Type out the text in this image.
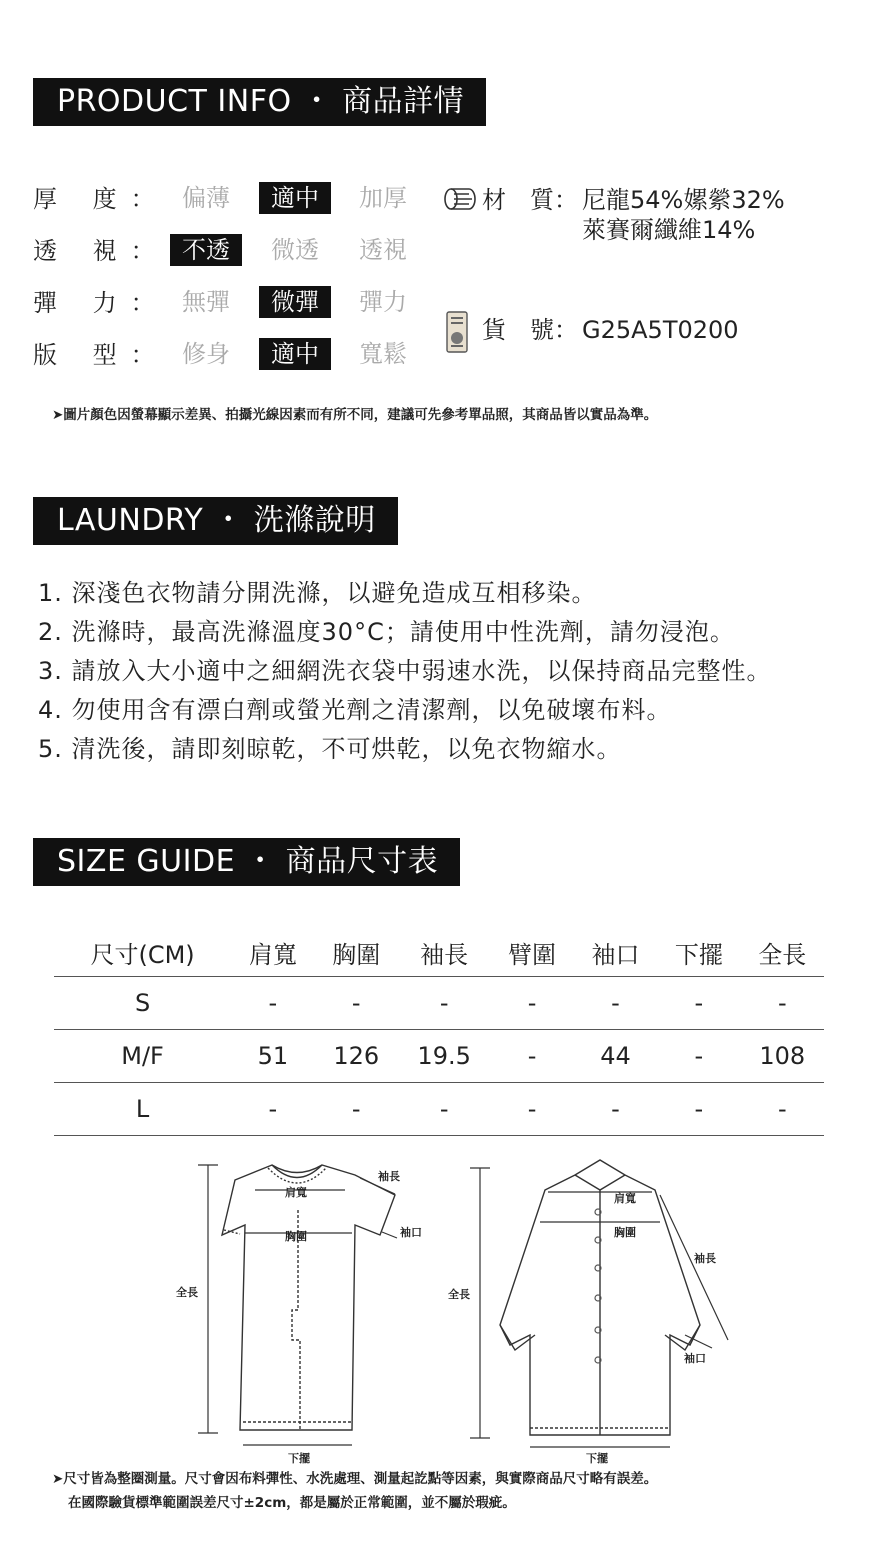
PRODUCT INFO ・ 商品詳情
厚 度： 偏薄	適中	加厚
透 視： 不透	微透	透視
彈 力： 無彈	微彈	彈力
版 型： 修身	適中	寬鬆
材　質： 尼龍54%嫘縈32%
萊賽爾纖維14%
貨　號： G25A5T0200
➤圖片顏色因螢幕顯示差異、拍攝光線因素而有所不同，建議可先參考單品照，其商品皆以實品為準。
LAUNDRY ・ 洗滌說明
1. 深淺色衣物請分開洗滌，以避免造成互相移染。
2. 洗滌時，最高洗滌溫度30°C；請使用中性洗劑，請勿浸泡。
3. 請放入大小適中之細網洗衣袋中弱速水洗，以保持商品完整性。
4. 勿使用含有漂白劑或螢光劑之清潔劑，以免破壞布料。
5. 清洗後，請即刻晾乾，不可烘乾，以免衣物縮水。
SIZE GUIDE ・ 商品尺寸表
尺寸(CM)	肩寬	胸圍	袖長	臂圍	袖口	下擺	全長
S	-	-	-	-	-	-	-
M/F	51	126	19.5	-	44	-	108
L	-	-	-	-	-	-	-
肩寬
胸圍
袖長
袖口
全長
下擺
肩寬
胸圍
袖長
袖口
全長
下擺
➤尺寸皆為整圈測量。尺寸會因布料彈性、水洗處理、測量起訖點等因素，與實際商品尺寸略有誤差。
在國際驗貨標準範圍誤差尺寸±2cm，都是屬於正常範圍，並不屬於瑕疵。
